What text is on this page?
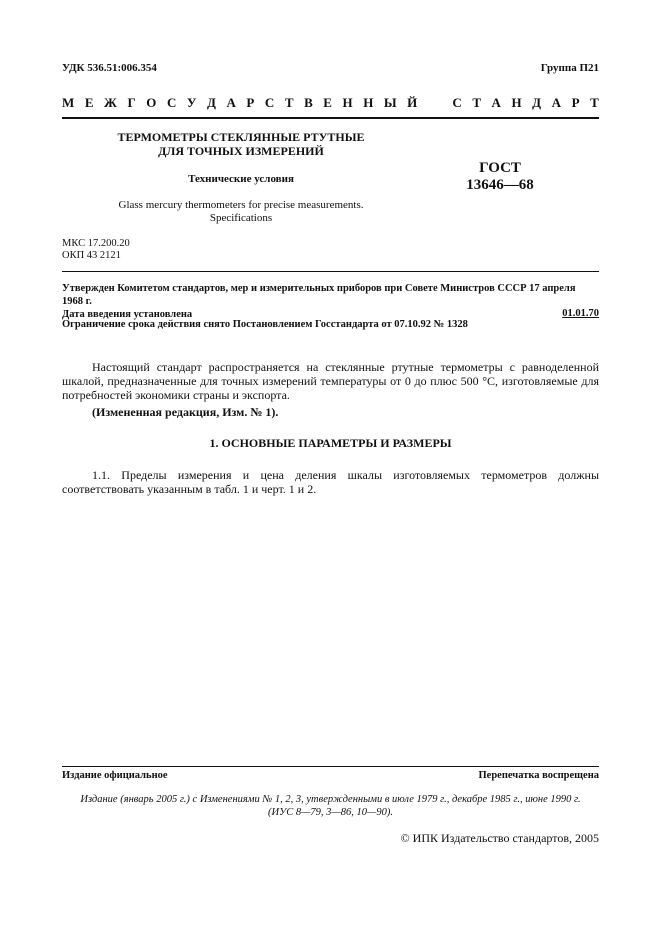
УДК 536.51:006.354	Группа П21
М Е Ж Г О С У Д А Р С Т В Е Н Н Ы Й	С Т А Н Д А Р Т
ТЕРМОМЕТРЫ СТЕКЛЯННЫЕ РТУТНЫЕ
ДЛЯ ТОЧНЫХ ИЗМЕРЕНИЙ
Технические условия
ГОСТ
13646—68
Glass mercury thermometers for precise measurements.
Specifications
МКС 17.200.20
ОКП 43 2121
Утвержден Комитетом стандартов, мер и измерительных приборов при Совете Министров СССР 17 апреля 1968 г.
Дата введения установлена	01.01.70
Ограничение срока действия снято Постановлением Госстандарта от 07.10.92 № 1328
Настоящий стандарт распространяется на стеклянные ртутные термометры с равноделенной шкалой, предназначенные для точных измерений температуры от 0 до плюс 500 °С, изготовляемые для потребностей экономики страны и экспорта.
(Измененная редакция, Изм. № 1).
1. ОСНОВНЫЕ ПАРАМЕТРЫ И РАЗМЕРЫ
1.1. Пределы измерения и цена деления шкалы изготовляемых термометров должны соответствовать указанным в табл. 1 и черт. 1 и 2.
Издание официальное	Перепечатка воспрещена
Издание (январь 2005 г.) с Изменениями № 1, 2, 3, утвержденными в июле 1979 г., декабре 1985 г., июне 1990 г.
(ИУС 8—79, 3—86, 10—90).
© ИПК Издательство стандартов, 2005
